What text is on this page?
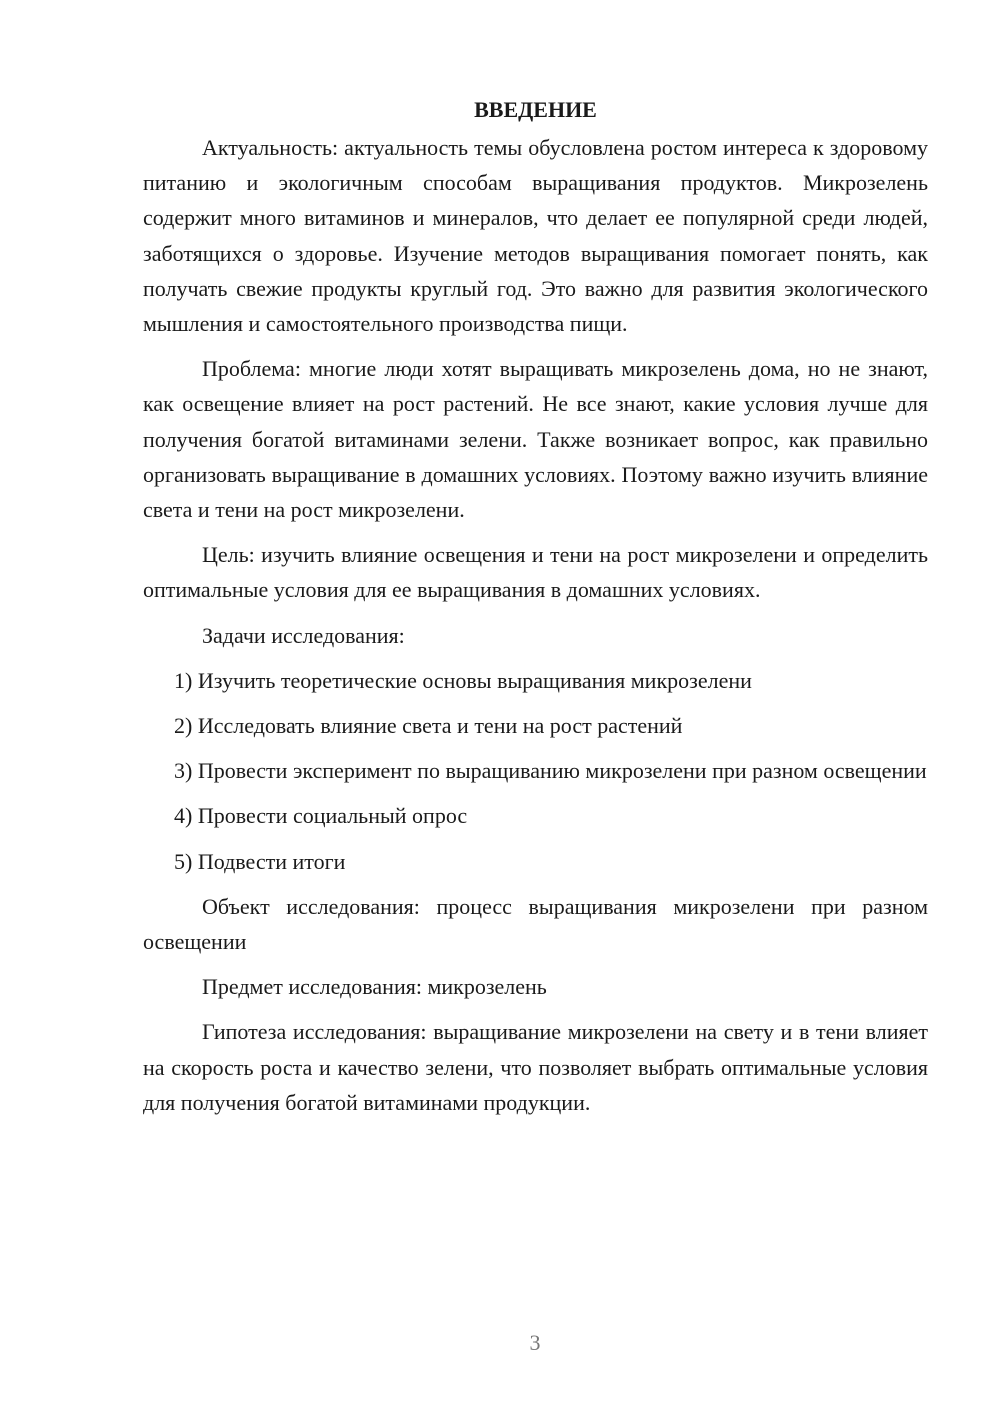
ВВЕДЕНИЕ

Актуальность: актуальность темы обусловлена ростом интереса к здоровому питанию и экологичным способам выращивания продуктов. Микрозелень содержит много витаминов и минералов, что делает ее популярной среди людей, заботящихся о здоровье. Изучение методов выращивания помогает понять, как получать свежие продукты круглый год. Это важно для развития экологического мышления и самостоятельного производства пищи.

Проблема: многие люди хотят выращивать микрозелень дома, но не знают, как освещение влияет на рост растений. Не все знают, какие условия лучше для получения богатой витаминами зелени. Также возникает вопрос, как правильно организовать выращивание в домашних условиях. Поэтому важно изучить влияние света и тени на рост микрозелени.

Цель: изучить влияние освещения и тени на рост микрозелени и определить оптимальные условия для ее выращивания в домашних условиях.

Задачи исследования:

1) Изучить теоретические основы выращивания микрозелени
2) Исследовать влияние света и тени на рост растений
3) Провести эксперимент по выращиванию микрозелени при разном освещении
4) Провести социальный опрос
5) Подвести итоги

Объект исследования: процесс выращивания микрозелени при разном освещении

Предмет исследования: микрозелень

Гипотеза исследования: выращивание микрозелени на свету и в тени влияет на скорость роста и качество зелени, что позволяет выбрать оптимальные условия для получения богатой витаминами продукции.

3
